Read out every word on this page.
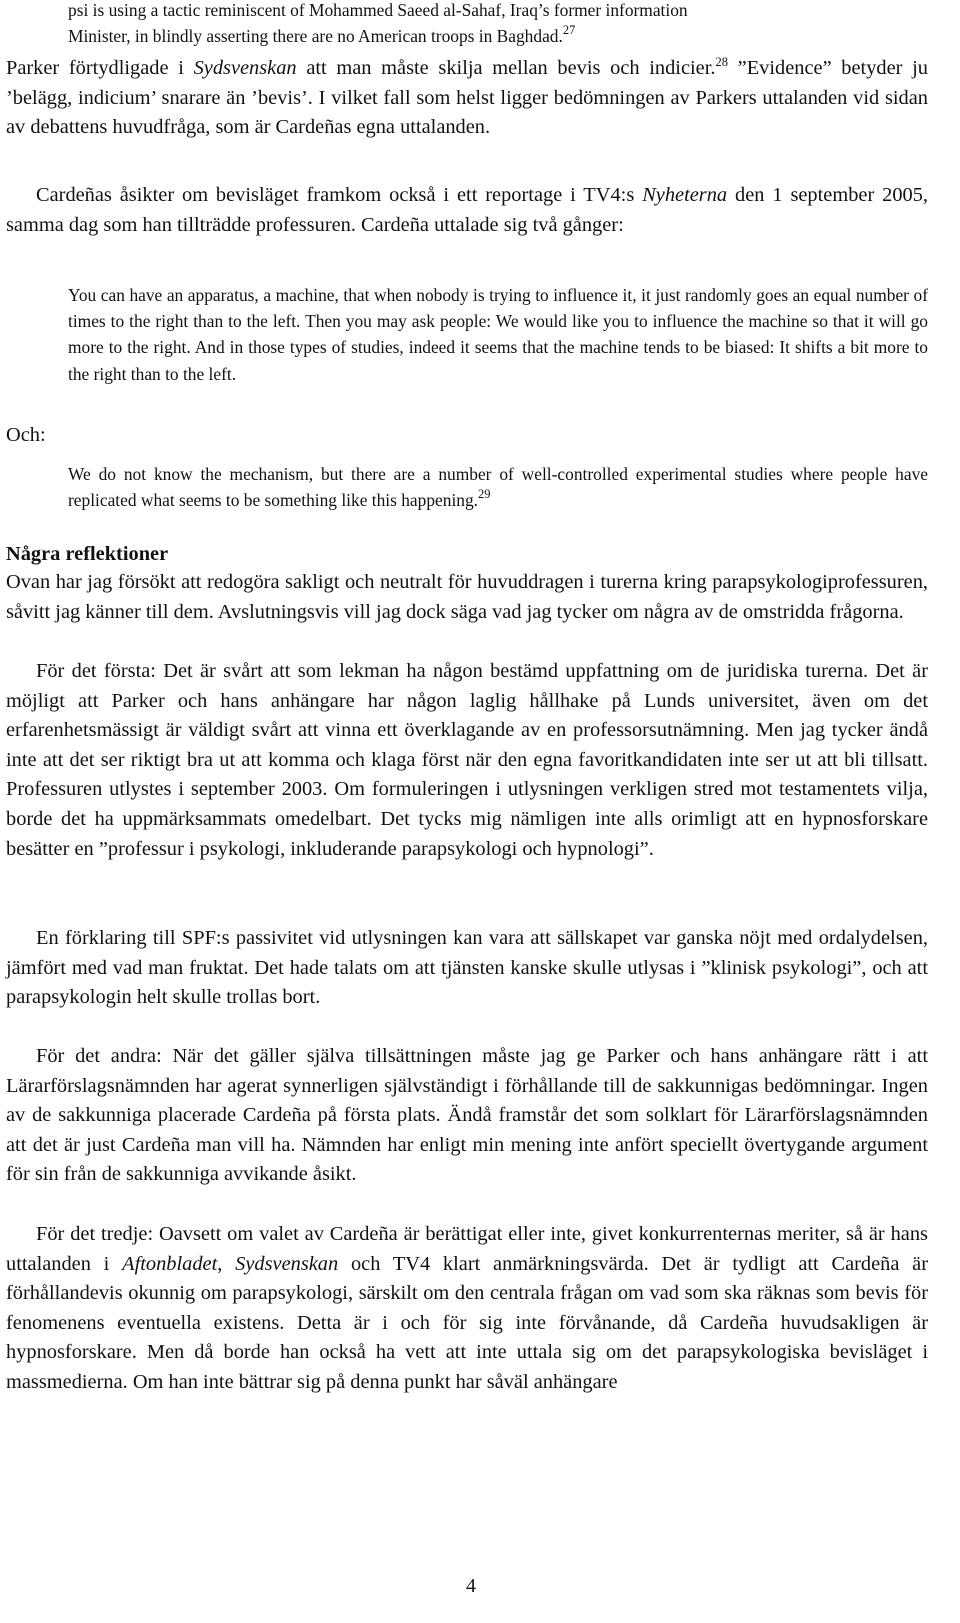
psi is using a tactic reminiscent of Mohammed Saeed al-Sahaf, Iraq’s former information
Minister, in blindly asserting there are no American troops in Baghdad.$^{27}$

Parker förtydligade i Sydsvenskan att man måste skilja mellan bevis och indicier.$^{28}$ ”Evidence” betyder ju ’belägg, indicium’ snarare än ’bevis’. I vilket fall som helst ligger bedömningen av Parkers uttalanden vid sidan av debattens huvudfråga, som är Cardeñas egna uttalanden.

Cardeñas åsikter om bevisläget framkom också i ett reportage i TV4:s Nyheterna den 1 september 2005, samma dag som han tillträdde professuren. Cardeña uttalade sig två gånger:

You can have an apparatus, a machine, that when nobody is trying to influence it, it just randomly goes an equal number of times to the right than to the left. Then you may ask people: We would like you to influence the machine so that it will go more to the right. And in those types of studies, indeed it seems that the machine tends to be biased: It shifts a bit more to the right than to the left.

Och:

We do not know the mechanism, but there are a number of well-controlled experimental studies where people have replicated what seems to be something like this happening.$^{29}$

Några reflektioner

Ovan har jag försökt att redogöra sakligt och neutralt för huvuddragen i turerna kring parapsykologiprofessuren, såvitt jag känner till dem. Avslutningsvis vill jag dock säga vad jag tycker om några av de omstridda frågorna.

För det första: Det är svårt att som lekman ha någon bestämd uppfattning om de juridiska turerna. Det är möjligt att Parker och hans anhängare har någon laglig hållhake på Lunds universitet, även om det erfarenhetsmässigt är väldigt svårt att vinna ett överklagande av en professorsutnämning. Men jag tycker ändå inte att det ser riktigt bra ut att komma och klaga först när den egna favoritkandidaten inte ser ut att bli tillsatt. Professuren utlystes i september 2003. Om formuleringen i utlysningen verkligen stred mot testamentets vilja, borde det ha uppmärksammats omedelbart. Det tycks mig nämligen inte alls orimligt att en hypnosforskare besätter en ”professur i psykologi, inkluderande parapsykologi och hypnologi”.

En förklaring till SPF:s passivitet vid utlysningen kan vara att sällskapet var ganska nöjt med ordalydelsen, jämfört med vad man fruktat. Det hade talats om att tjänsten kanske skulle utlysas i ”klinisk psykologi”, och att parapsykologin helt skulle trollas bort.

För det andra: När det gäller själva tillsättningen måste jag ge Parker och hans anhängare rätt i att Lärarförslagsnämnden har agerat synnerligen självständigt i förhållande till de sakkunnigas bedömningar. Ingen av de sakkunniga placerade Cardeña på första plats. Ändå framstår det som solklart för Lärarförslagsnämnden att det är just Cardeña man vill ha. Nämnden har enligt min mening inte anfört speciellt övertygande argument för sin från de sakkunniga avvikande åsikt.

För det tredje: Oavsett om valet av Cardeña är berättigat eller inte, givet konkurrenternas meriter, så är hans uttalanden i Aftonbladet, Sydsvenskan och TV4 klart anmärkningsvärda. Det är tydligt att Cardeña är förhållandevis okunnig om parapsykologi, särskilt om den centrala frågan om vad som ska räknas som bevis för fenomenens eventuella existens. Detta är i och för sig inte förvånande, då Cardeña huvudsakligen är hypnosforskare. Men då borde han också ha vett att inte uttala sig om det parapsykologiska bevisläget i massmedierna. Om han inte bättrar sig på denna punkt har såväl anhängare

4
